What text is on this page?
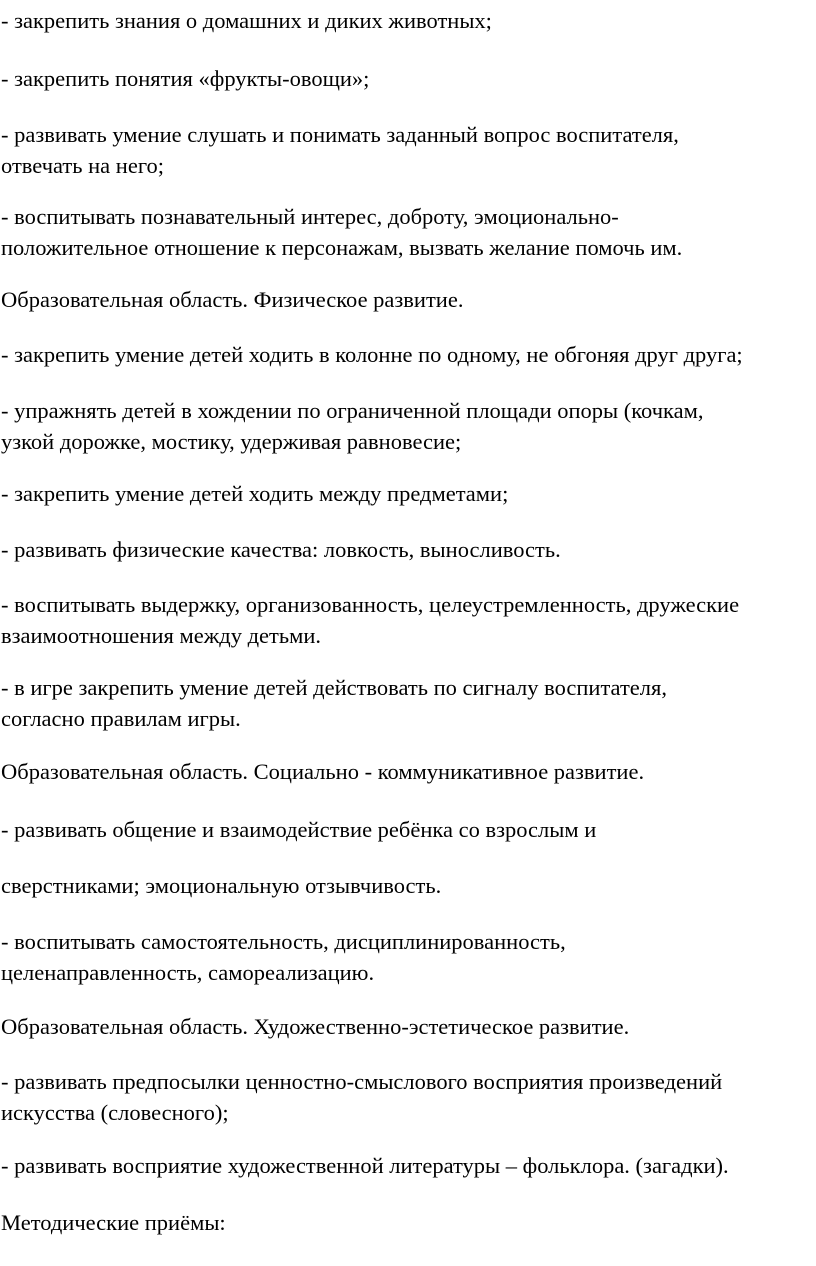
- закрепить знания о домашних и диких животных;

- закрепить понятия «фрукты-овощи»;

- развивать умение слушать и понимать заданный вопрос воспитателя,
отвечать на него;

- воспитывать познавательный интерес, доброту, эмоционально-
положительное отношение к персонажам, вызвать желание помочь им.

Образовательная область. Физическое развитие.

- закрепить умение детей ходить в колонне по одному, не обгоняя друг друга;

- упражнять детей в хождении по ограниченной площади опоры (кочкам,
узкой дорожке, мостику, удерживая равновесие;

- закрепить умение детей ходить между предметами;

- развивать физические качества: ловкость, выносливость.

- воспитывать выдержку, организованность, целеустремленность, дружеские
взаимоотношения между детьми.

- в игре закрепить умение детей действовать по сигналу воспитателя,
согласно правилам игры.

Образовательная область. Социально - коммуникативное развитие.

- развивать общение и взаимодействие ребёнка со взрослым и

сверстниками; эмоциональную отзывчивость.

- воспитывать самостоятельность, дисциплинированность,
целенаправленность, самореализацию.

Образовательная область. Художественно-эстетическое развитие.

- развивать предпосылки ценностно-смыслового восприятия произведений
искусства (словесного);

- развивать восприятие художественной литературы – фольклора. (загадки).

Методические приёмы:
